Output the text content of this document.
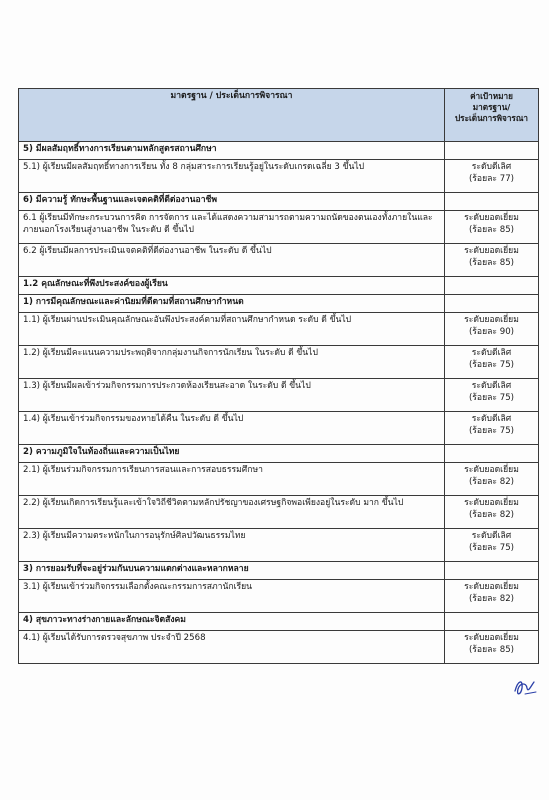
มาตรฐาน / ประเด็นการพิจารณา	ค่าเป้าหมาย
มาตรฐาน/
ประเด็นการพิจารณา
5) มีผลสัมฤทธิ์ทางการเรียนตามหลักสูตรสถานศึกษา	
5.1) ผู้เรียนมีผลสัมฤทธิ์ทางการเรียน ทั้ง 8 กลุ่มสาระการเรียนรู้อยู่ในระดับเกรดเฉลี่ย 3 ขึ้นไป	ระดับดีเลิศ
(ร้อยละ 77)

6) มีความรู้ ทักษะพื้นฐานและเจตคติที่ดีต่องานอาชีพ	
6.1 ผู้เรียนมีทักษะกระบวนการคิด การจัดการ และได้แสดงความสามารถตามความถนัดของตนเองทั้งภายในและภายนอกโรงเรียนสู่งานอาชีพ ในระดับ ดี ขึ้นไป	ระดับยอดเยี่ยม
(ร้อยละ 85)

6.2 ผู้เรียนมีผลการประเมินเจตคติที่ดีต่องานอาชีพ ในระดับ ดี ขึ้นไป	ระดับยอดเยี่ยม
(ร้อยละ 85)

1.2 คุณลักษณะที่พึงประสงค์ของผู้เรียน	
1) การมีคุณลักษณะและค่านิยมที่ดีตามที่สถานศึกษากำหนด	
1.1) ผู้เรียนผ่านประเมินคุณลักษณะอันพึงประสงค์ตามที่สถานศึกษากำหนด ระดับ ดี ขึ้นไป	ระดับยอดเยี่ยม
(ร้อยละ 90)

1.2) ผู้เรียนมีคะแนนความประพฤติจากกลุ่มงานกิจการนักเรียน ในระดับ ดี ขึ้นไป	ระดับดีเลิศ
(ร้อยละ 75)

1.3) ผู้เรียนมีผลเข้าร่วมกิจกรรมการประกวดห้องเรียนสะอาด ในระดับ ดี ขึ้นไป	ระดับดีเลิศ
(ร้อยละ 75)

1.4) ผู้เรียนเข้าร่วมกิจกรรมของหายได้คืน ในระดับ ดี ขึ้นไป	ระดับดีเลิศ
(ร้อยละ 75)

2) ความภูมิใจในท้องถิ่นและความเป็นไทย	
2.1) ผู้เรียนร่วมกิจกรรมการเรียนการสอนและการสอบธรรมศึกษา	ระดับยอดเยี่ยม
(ร้อยละ 82)

2.2) ผู้เรียนเกิดการเรียนรู้และเข้าใจวิถีชีวิตตามหลักปรัชญาของเศรษฐกิจพอเพียงอยู่ในระดับ มาก ขึ้นไป	ระดับยอดเยี่ยม
(ร้อยละ 82)

2.3) ผู้เรียนมีความตระหนักในการอนุรักษ์ศิลปวัฒนธรรมไทย	ระดับดีเลิศ
(ร้อยละ 75)

3) การยอมรับที่จะอยู่ร่วมกันบนความแตกต่างและหลากหลาย	
3.1) ผู้เรียนเข้าร่วมกิจกรรมเลือกตั้งคณะกรรมการสภานักเรียน	ระดับยอดเยี่ยม
(ร้อยละ 82)

4) สุขภาวะทางร่างกายและลักษณะจิตสังคม	
4.1) ผู้เรียนได้รับการตรวจสุขภาพ ประจำปี 2568	ระดับยอดเยี่ยม
(ร้อยละ 85)
